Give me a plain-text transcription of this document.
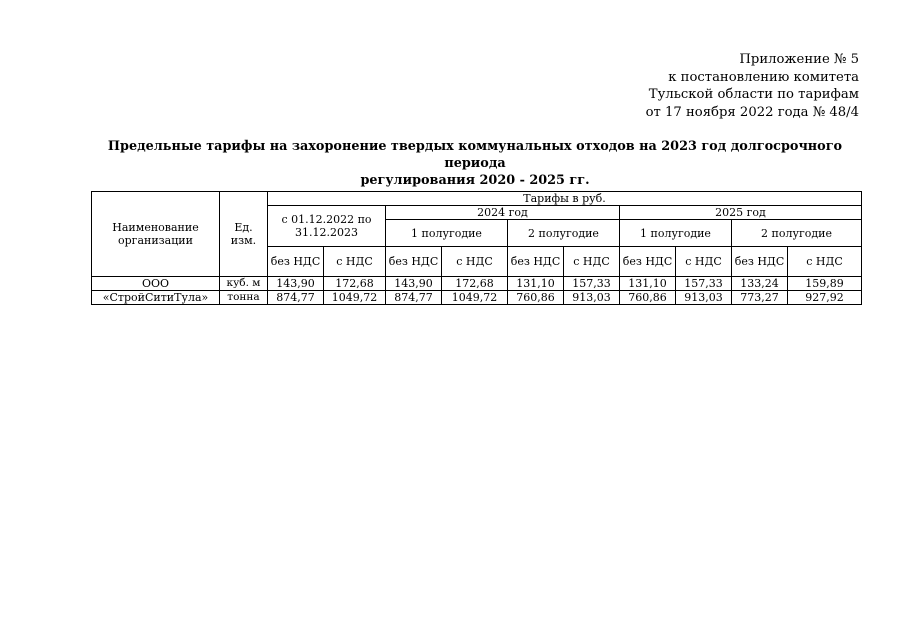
Приложение № 5
к постановлению комитета
Тульской области по тарифам
от 17 ноября 2022 года № 48/4
Предельные тарифы на захоронение твердых коммунальных отходов на 2023 год долгосрочного периода
регулирования 2020 - 2025 гг.
Наименование организации	Ед. изм.	Тарифы в руб.									
		с 01.12.2022 по 31.12.2023		2024 год				2025 год			
				1 полугодие		2 полугодие		1 полугодие		2 полугодие	
		без НДС	с НДС	без НДС	с НДС	без НДС	с НДС	без НДС	с НДС	без НДС	с НДС
ООО	куб. м	143,90	172,68	143,90	172,68	131,10	157,33	131,10	157,33	133,24	159,89
«СтройСитиТула»	тонна	874,77	1049,72	874,77	1049,72	760,86	913,03	760,86	913,03	773,27	927,92
